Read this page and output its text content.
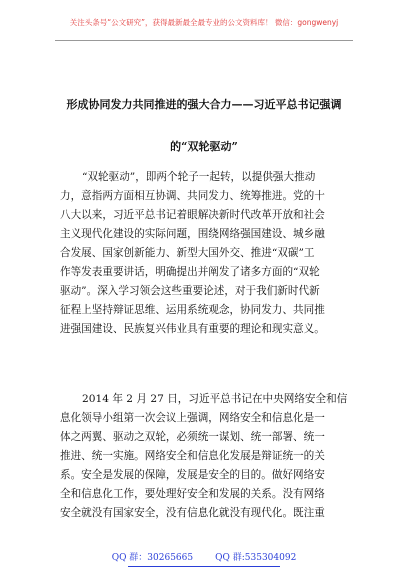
关注头条号“公文研究”，获得最新最全最专业的公文资料库！ 微信：gongwenyj
形成协同发力共同推进的强大合力——习近平总书记强调
的“双轮驱动”
“双轮驱动”，即两个轮子一起转，以提供强大推动
力，意指两方面相互协调、共同发力、统筹推进。党的十
八大以来，习近平总书记着眼解决新时代改革开放和社会
主义现代化建设的实际问题，围绕网络强国建设、城乡融
合发展、国家创新能力、新型大国外交、推进“双碳”工
作等发表重要讲话，明确提出并阐发了诸多方面的“双轮
驱动”。深入学习领会这些重要论述，对于我们新时代新
征程上坚持辩证思维、运用系统观念，协同发力、共同推
进强国建设、民族复兴伟业具有重要的理论和现实意义。
2014 年 2 月 27 日，习近平总书记在中央网络安全和信
息化领导小组第一次会议上强调，网络安全和信息化是一
体之两翼、驱动之双轮，必须统一谋划、统一部署、统一
推进、统一实施。网络安全和信息化发展是辩证统一的关
系。安全是发展的保障，发展是安全的目的。做好网络安
全和信息化工作，要处理好安全和发展的关系。没有网络
安全就没有国家安全，没有信息化就没有现代化。既注重
QQ 群：30265665 QQ 群:535304092
